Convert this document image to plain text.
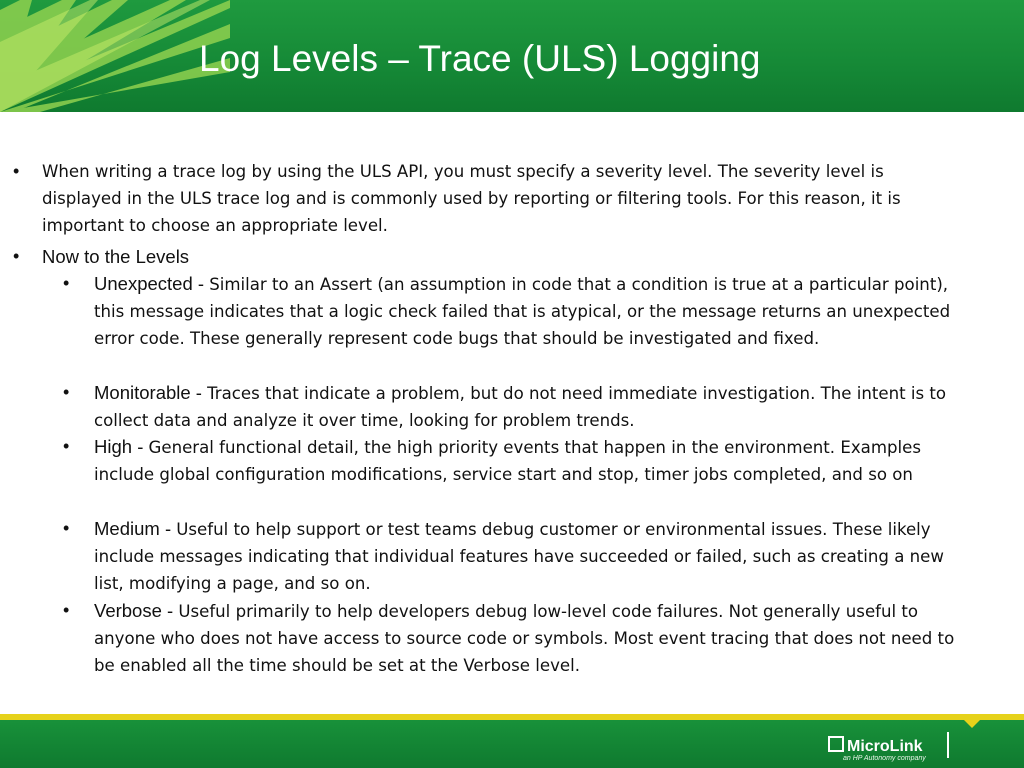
Log Levels – Trace (ULS) Logging
•	When writing a trace log by using the ULS API, you must specify a severity level. The severity level is displayed in the ULS trace log and is commonly used by reporting or filtering tools. For this reason, it is important to choose an appropriate level.
•	Now to the Levels
•	Unexpected - Similar to an Assert (an assumption in code that a condition is true at a particular point), this message indicates that a logic check failed that is atypical, or the message returns an unexpected error code. These generally represent code bugs that should be investigated and fixed.
•	Monitorable - Traces that indicate a problem, but do not need immediate investigation. The intent is to collect data and analyze it over time, looking for problem trends.
•	High - General functional detail, the high priority events that happen in the environment. Examples include global configuration modifications, service start and stop, timer jobs completed, and so on
•	Medium - Useful to help support or test teams debug customer or environmental issues. These likely include messages indicating that individual features have succeeded or failed, such as creating a new list, modifying a page, and so on.
•	Verbose - Useful primarily to help developers debug low-level code failures. Not generally useful to anyone who does not have access to source code or symbols. Most event tracing that does not need to be enabled all the time should be set at the Verbose level.
MicroLink
an HP Autonomy company
